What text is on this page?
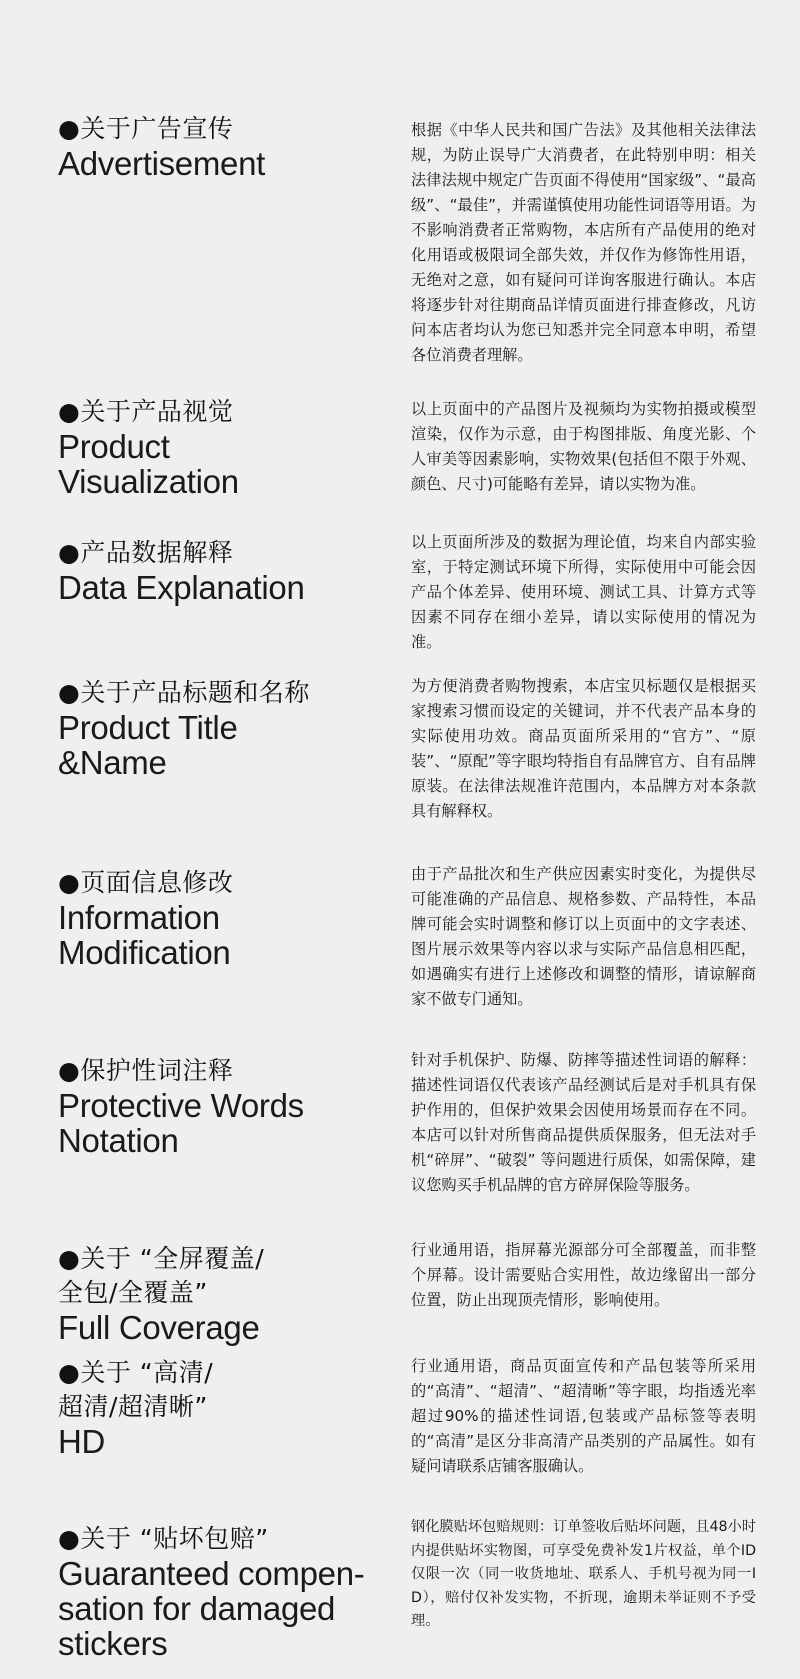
●关于广告宣传
Advertisement
根据《中华人民共和国广告法》及其他相关法律法规，为防止误导广大消费者，在此特别申明：相关法律法规中规定广告页面不得使用“国家级”、“最高级”、“最佳”，并需谨慎使用功能性词语等用语。为不影响消费者正常购物，本店所有产品使用的绝对化用语或极限词全部失效，并仅作为修饰性用语，无绝对之意，如有疑问可详询客服进行确认。本店将逐步针对往期商品详情页面进行排查修改，凡访问本店者均认为您已知悉并完全同意本申明，希望各位消费者理解。
●关于产品视觉
Product
Visualization
以上页面中的产品图片及视频均为实物拍摄或模型渲染，仅作为示意，由于构图排版、角度光影、个人审美等因素影响，实物效果(包括但不限于外观、颜色、尺寸)可能略有差异，请以实物为准。
●产品数据解释
Data Explanation
以上页面所涉及的数据为理论值，均来自内部实验室，于特定测试环境下所得，实际使用中可能会因产品个体差异、使用环境、测试工具、计算方式等因素不同存在细小差异，请以实际使用的情况为准。
●关于产品标题和名称
Product Title
&Name
为方便消费者购物搜索，本店宝贝标题仅是根据买家搜索习惯而设定的关键词，并不代表产品本身的实际使用功效。商品页面所采用的“官方”、“原装”、“原配”等字眼均特指自有品牌官方、自有品牌原装。在法律法规准许范围内，本品牌方对本条款具有解释权。
●页面信息修改
Information
Modification
由于产品批次和生产供应因素实时变化，为提供尽可能准确的产品信息、规格参数、产品特性，本品牌可能会实时调整和修订以上页面中的文字表述、图片展示效果等内容以求与实际产品信息相匹配，如遇确实有进行上述修改和调整的情形，请谅解商家不做专门通知。
●保护性词注释
Protective Words
Notation
针对手机保护、防爆、防摔等描述性词语的解释：描述性词语仅代表该产品经测试后是对手机具有保护作用的，但保护效果会因使用场景而存在不同。本店可以针对所售商品提供质保服务，但无法对手机“碎屏”、“破裂” 等问题进行质保，如需保障，建议您购买手机品牌的官方碎屏保险等服务。
●关于 “全屏覆盖/
全包/全覆盖”
Full Coverage
行业通用语，指屏幕光源部分可全部覆盖，而非整个屏幕。设计需要贴合实用性，故边缘留出一部分位置，防止出现顶壳情形，影响使用。
●关于 “高清/
超清/超清晰”
HD
行业通用语，商品页面宣传和产品包装等所采用的“高清”、“超清”、“超清晰”等字眼，均指透光率超过90%的描述性词语,包装或产品标签等表明的“高清”是区分非高清产品类别的产品属性。如有疑问请联系店铺客服确认。
●关于 “贴坏包赔”
Guaranteed compen-
sation for damaged
stickers
钢化膜贴坏包赔规则：订单签收后贴坏问题，且48小时内提供贴坏实物图，可享受免费补发1片权益，单个ID仅限一次（同一收货地址、联系人、手机号视为同一ID），赔付仅补发实物，不折现，逾期未举证则不予受理。
